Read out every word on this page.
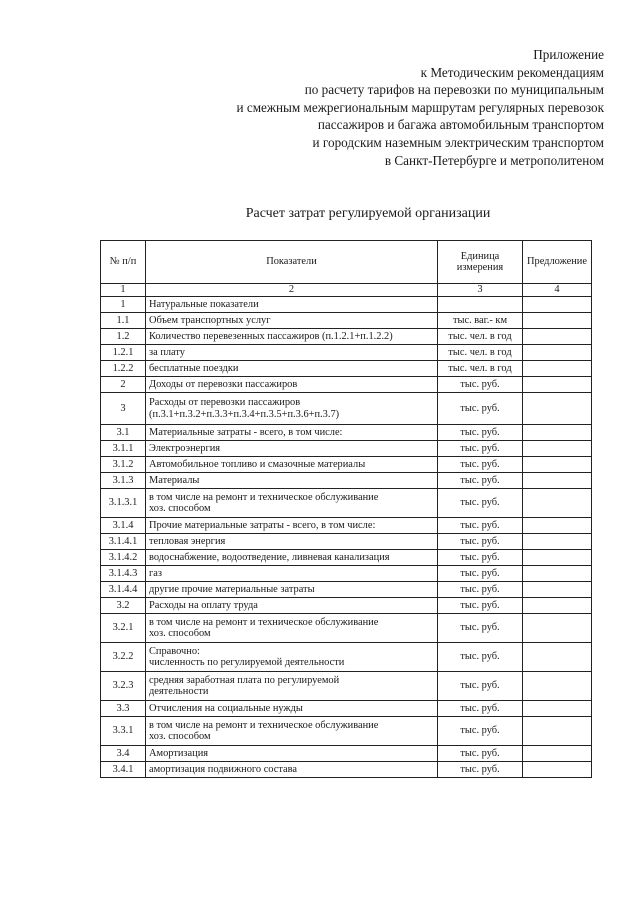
Приложение
к Методическим рекомендациям
по расчету тарифов на перевозки по муниципальным
и смежным межрегиональным маршрутам регулярных перевозок
пассажиров и багажа автомобильным транспортом
и городским наземным электрическим транспортом
в Санкт-Петербурге и метрополитеном
Расчет затрат регулируемой организации
№ п/п	Показатели	Единица
измерения	Предложение
1	2	3	4
1	Натуральные показатели		

1.1	Объем транспортных услуг	тыс. ваг.- км	
1.2	Количество перевезенных пассажиров (п.1.2.1+п.1.2.2)	тыс. чел. в год	
1.2.1	за плату	тыс. чел. в год	
1.2.2	бесплатные поездки	тыс. чел. в год	
2	Доходы от перевозки пассажиров	тыс. руб.	
3	Расходы от перевозки пассажиров
(п.3.1+п.3.2+п.3.3+п.3.4+п.3.5+п.3.6+п.3.7)	тыс. руб.	
3.1	Материальные затраты - всего, в том числе:	тыс. руб.	
3.1.1	Электроэнергия	тыс. руб.	
3.1.2	Автомобильное топливо и смазочные материалы	тыс. руб.	
3.1.3	Материалы	тыс. руб.	
3.1.3.1	в том числе на ремонт и техническое обслуживание
хоз. способом	тыс. руб.	
3.1.4	Прочие материальные затраты - всего, в том числе:	тыс. руб.	
3.1.4.1	тепловая энергия	тыс. руб.	
3.1.4.2	водоснабжение, водоотведение, ливневая канализация	тыс. руб.	
3.1.4.3	газ	тыс. руб.	
3.1.4.4	другие прочие материальные затраты	тыс. руб.	
3.2	Расходы на оплату труда	тыс. руб.	
3.2.1	в том числе на ремонт и техническое обслуживание
хоз. способом	тыс. руб.	
3.2.2	Справочно:
численность по регулируемой деятельности	тыс. руб.	
3.2.3	средняя заработная плата по регулируемой
деятельности	тыс. руб.	
3.3	Отчисления на социальные нужды	тыс. руб.	
3.3.1	в том числе на ремонт и техническое обслуживание
хоз. способом	тыс. руб.	
3.4	Амортизация	тыс. руб.	
3.4.1	амортизация подвижного состава	тыс. руб.	
